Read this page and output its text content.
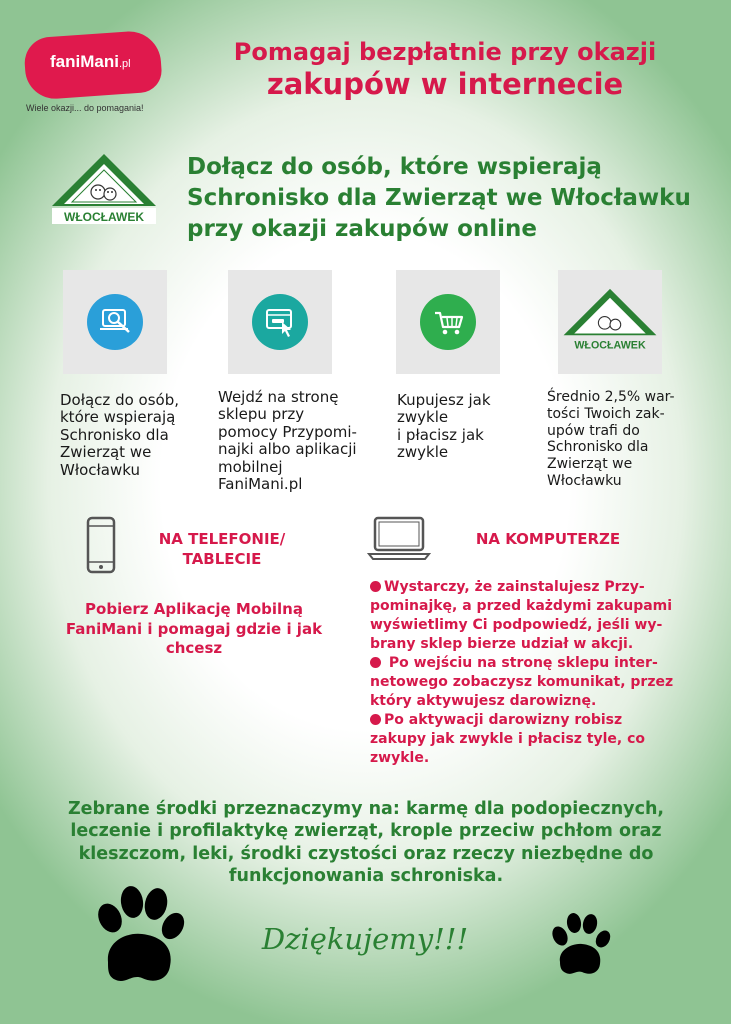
faniMani.pl
Wiele okazji... do pomagania!
Pomagaj bezpłatnie przy okazji
zakupów w internecie
WŁOCŁAWEK
Dołącz do osób, które wspierają
Schronisko dla Zwierząt we Włocławku
przy okazji zakupów online
WŁOCŁAWEK
Dołącz do osób,
które wspierają
Schronisko dla
Zwierząt we
Włocławku
Wejdź na stronę
sklepu przy
pomocy Przypomi-
najki albo aplikacji
mobilnej
FaniMani.pl
Kupujesz jak
zwykle
i płacisz jak
zwykle
Średnio 2,5% war-
tości Twoich zak-
upów trafi do
Schronisko dla
Zwierząt we
Włocławku
NA TELEFONIE/
TABLECIE
Pobierz Aplikację Mobilną
FaniMani i pomagaj gdzie i jak
chcesz
NA KOMPUTERZE
Wystarczy, że zainstalujesz Przy-
pominajkę, a przed każdymi zakupami
wyświetlimy Ci podpowiedź, jeśli wy-
brany sklep bierze udział w akcji.
Po wejściu na stronę sklepu inter-
netowego zobaczysz komunikat, przez
który aktywujesz darowiznę.
Po aktywacji darowizny robisz
zakupy jak zwykle i płacisz tyle, co
zwykle.
Zebrane środki przeznaczymy na: karmę dla podopiecznych,
leczenie i profilaktykę zwierząt, krople przeciw pchłom oraz
kleszczom, leki, środki czystości oraz rzeczy niezbędne do
funkcjonowania schroniska.
Dziękujemy!!!
